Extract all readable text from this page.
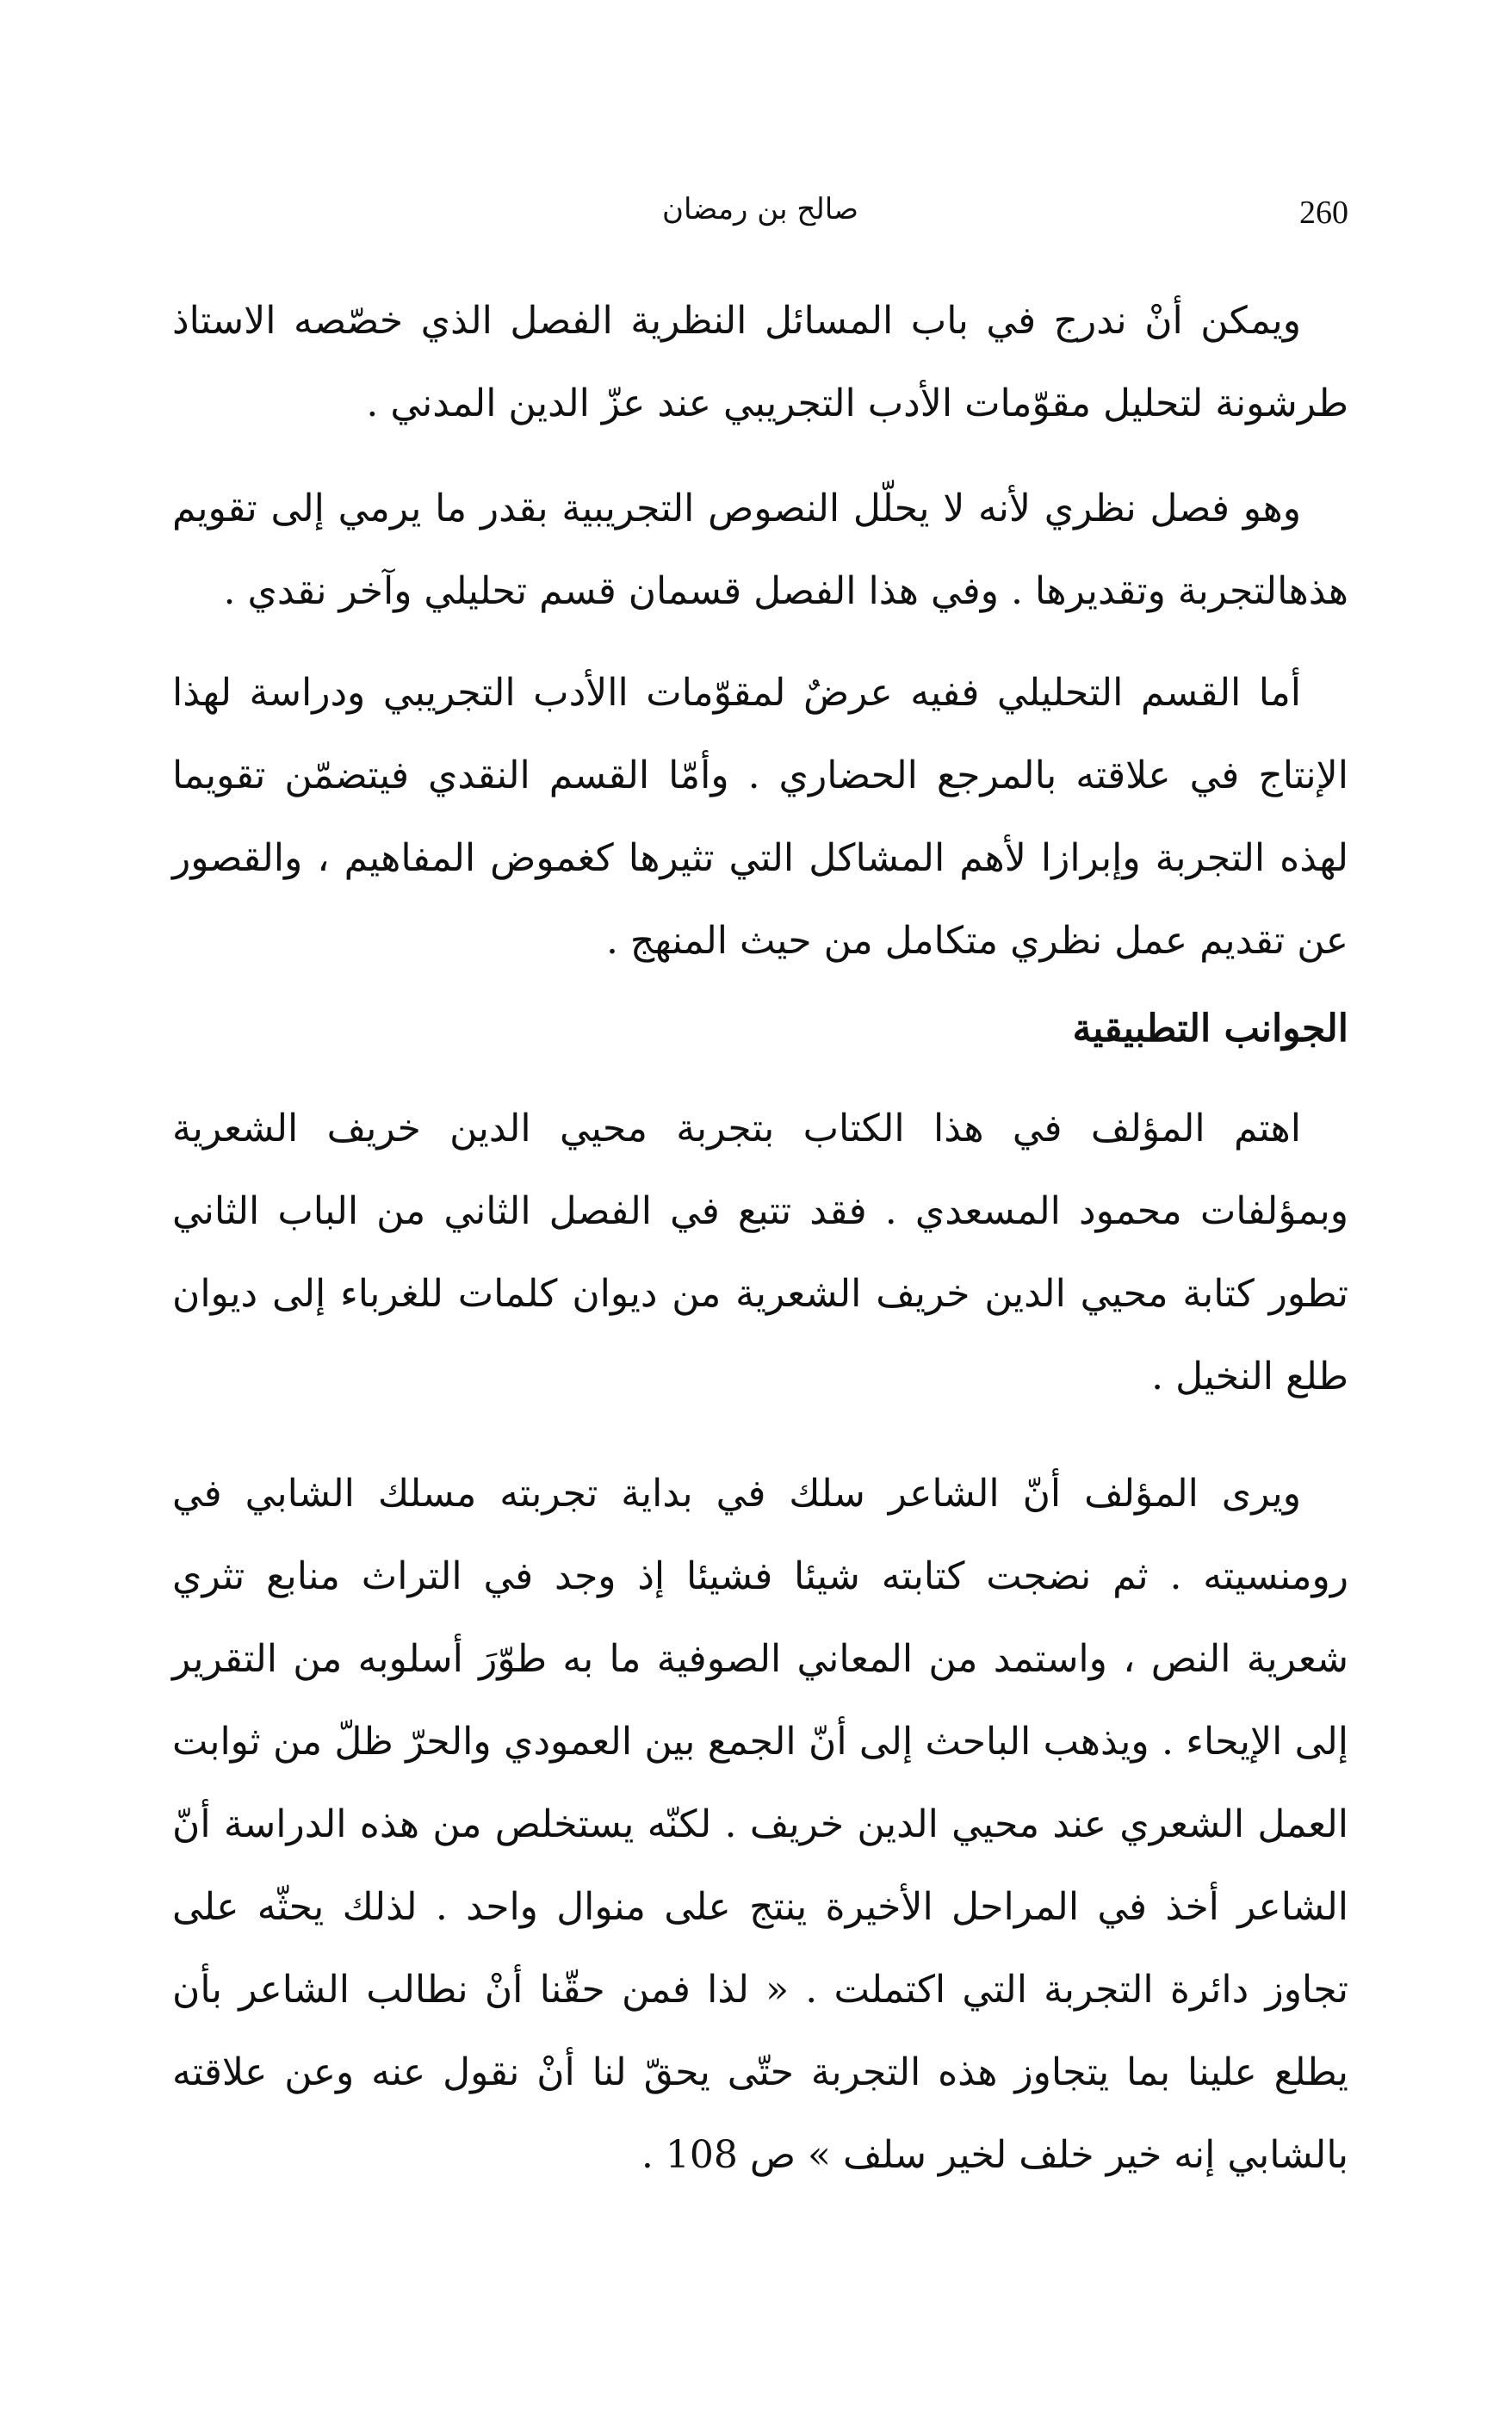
260
صالح بن رمضان

ويمكن أنْ ندرج في باب المسائل النظرية الفصل الذي خصّصه الاستاذ طرشونة لتحليل مقوّمات الأدب التجريبي عند عزّ الدين المدني .

وهو فصل نظري لأنه لا يحلّل النصوص التجريبية بقدر ما يرمي إلى تقويم هذهالتجربة وتقديرها . وفي هذا الفصل قسمان قسم تحليلي وآخر نقدي .

أما القسم التحليلي ففيه عرضٌ لمقوّمات االأدب التجريبي ودراسة لهذا الإنتاج في علاقته بالمرجع الحضاري . وأمّا القسم النقدي فيتضمّن تقويما لهذه التجربة وإبرازا لأهم المشاكل التي تثيرها كغموض المفاهيم ، والقصور عن تقديم عمل نظري متكامل من حيث المنهج .

الجوانب التطبيقية

اهتم المؤلف في هذا الكتاب بتجربة محيي الدين خريف الشعرية وبمؤلفات محمود المسعدي . فقد تتبع في الفصل الثاني من الباب الثاني تطور كتابة محيي الدين خريف الشعرية من ديوان كلمات للغرباء إلى ديوان طلع النخيل .

ويرى المؤلف أنّ الشاعر سلك في بداية تجربته مسلك الشابي في رومنسيته . ثم نضجت كتابته شيئا فشيئا إذ وجد في التراث منابع تثري شعرية النص ، واستمد من المعاني الصوفية ما به طوّرَ أسلوبه من التقرير إلى الإيحاء . ويذهب الباحث إلى أنّ الجمع بين العمودي والحرّ ظلّ من ثوابت العمل الشعري عند محيي الدين خريف . لكنّه يستخلص من هذه الدراسة أنّ الشاعر أخذ في المراحل الأخيرة ينتج على منوال واحد . لذلك يحثّه على تجاوز دائرة التجربة التي اكتملت . « لذا فمن حقّنا أنْ نطالب الشاعر بأن يطلع علينا بما يتجاوز هذه التجربة حتّى يحقّ لنا أنْ نقول عنه وعن علاقته بالشابي إنه خير خلف لخير سلف » ص 108 .
